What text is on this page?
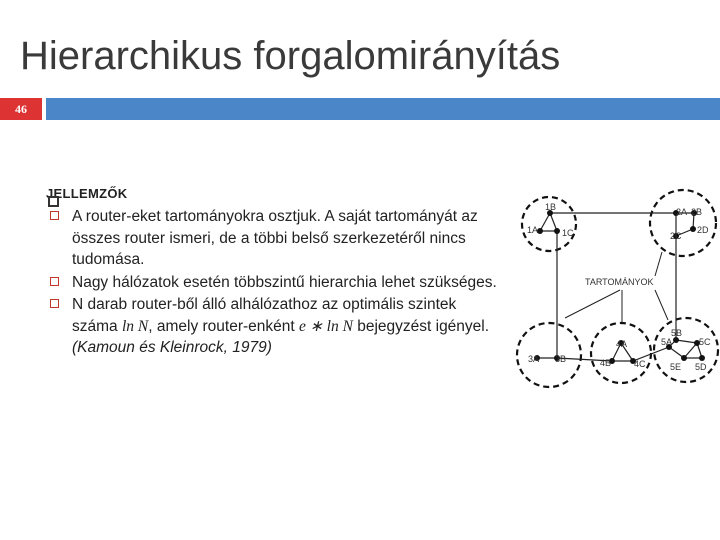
Hierarchikus forgalomirányítás
46
JELLEMZŐK
A router-eket tartományokra osztjuk. A saját tartományát az összes router ismeri, de a többi belső szerkezetéről nincs tudomása.
Nagy hálózatok esetén többszintű hierarchia lehet szükséges.
N darab router-ből álló alhálózathoz az optimális szintek száma ln N, amely router-enként e ∗ ln N bejegyzést igényel. (Kamoun és Kleinrock, 1979)
1B
1A	1C
2A 2B
2D
2C
TARTOMÁNYOK
3A 3B
4A
4B	4C
5A
5B
5C
5D
5E
